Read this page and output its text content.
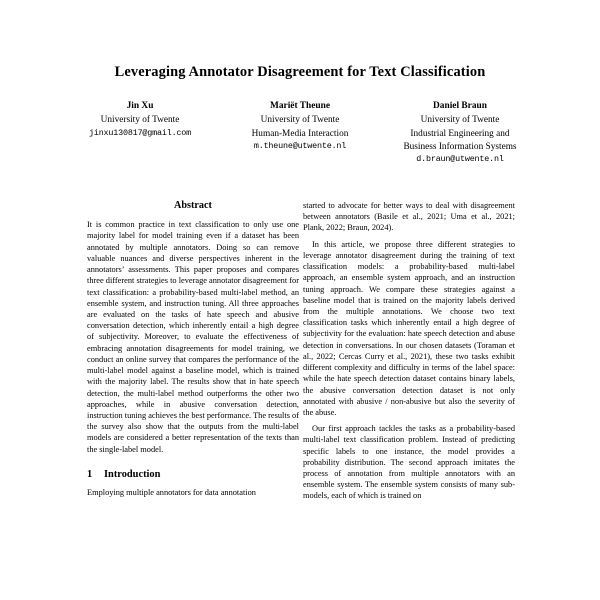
Leveraging Annotator Disagreement for Text Classification
Jin Xu
University of Twente
jinxu130817@gmail.com
Mariët Theune
University of Twente
Human-Media Interaction
m.theune@utwente.nl
Daniel Braun
University of Twente
Industrial Engineering and
Business Information Systems
d.braun@utwente.nl
Abstract

It is common practice in text classification to only use one majority label for model training even if a dataset has been annotated by multiple annotators. Doing so can remove valuable nuances and diverse perspectives inherent in the annotators’ assessments. This paper proposes and compares three different strategies to leverage annotator disagreement for text classification: a probability-based multi-label method, an ensemble system, and instruction tuning. All three approaches are evaluated on the tasks of hate speech and abusive conversation detection, which inherently entail a high degree of subjectivity. Moreover, to evaluate the effectiveness of embracing annotation disagreements for model training, we conduct an online survey that compares the performance of the multi-label model against a baseline model, which is trained with the majority label. The results show that in hate speech detection, the multi-label method outperforms the other two approaches, while in abusive conversation detection, instruction tuning achieves the best performance. The results of the survey also show that the outputs from the multi-label models are considered a better representation of the texts than the single-label model.

1	Introduction

Employing multiple annotators for data annotation

started to advocate for better ways to deal with disagreement between annotators (Basile et al., 2021; Uma et al., 2021; Plank, 2022; Braun, 2024).

In this article, we propose three different strategies to leverage annotator disagreement during the training of text classification models: a probability-based multi-label approach, an ensemble system approach, and an instruction tuning approach. We compare these strategies against a baseline model that is trained on the majority labels derived from the multiple annotations. We choose two text classification tasks which inherently entail a high degree of subjectivity for the evaluation: hate speech detection and abuse detection in conversations. In our chosen datasets (Toraman et al., 2022; Cercas Curry et al., 2021), these two tasks exhibit different complexity and difficulty in terms of the label space: while the hate speech detection dataset contains binary labels, the abusive conversation detection dataset is not only annotated with abusive / non-abusive but also the severity of the abuse.

Our first approach tackles the tasks as a probability-based multi-label text classification problem. Instead of predicting specific labels to one instance, the model provides a probability distribution. The second approach imitates the process of annotation from multiple annotators with an ensemble system. The ensemble system consists of many sub-models, each of which is trained on
